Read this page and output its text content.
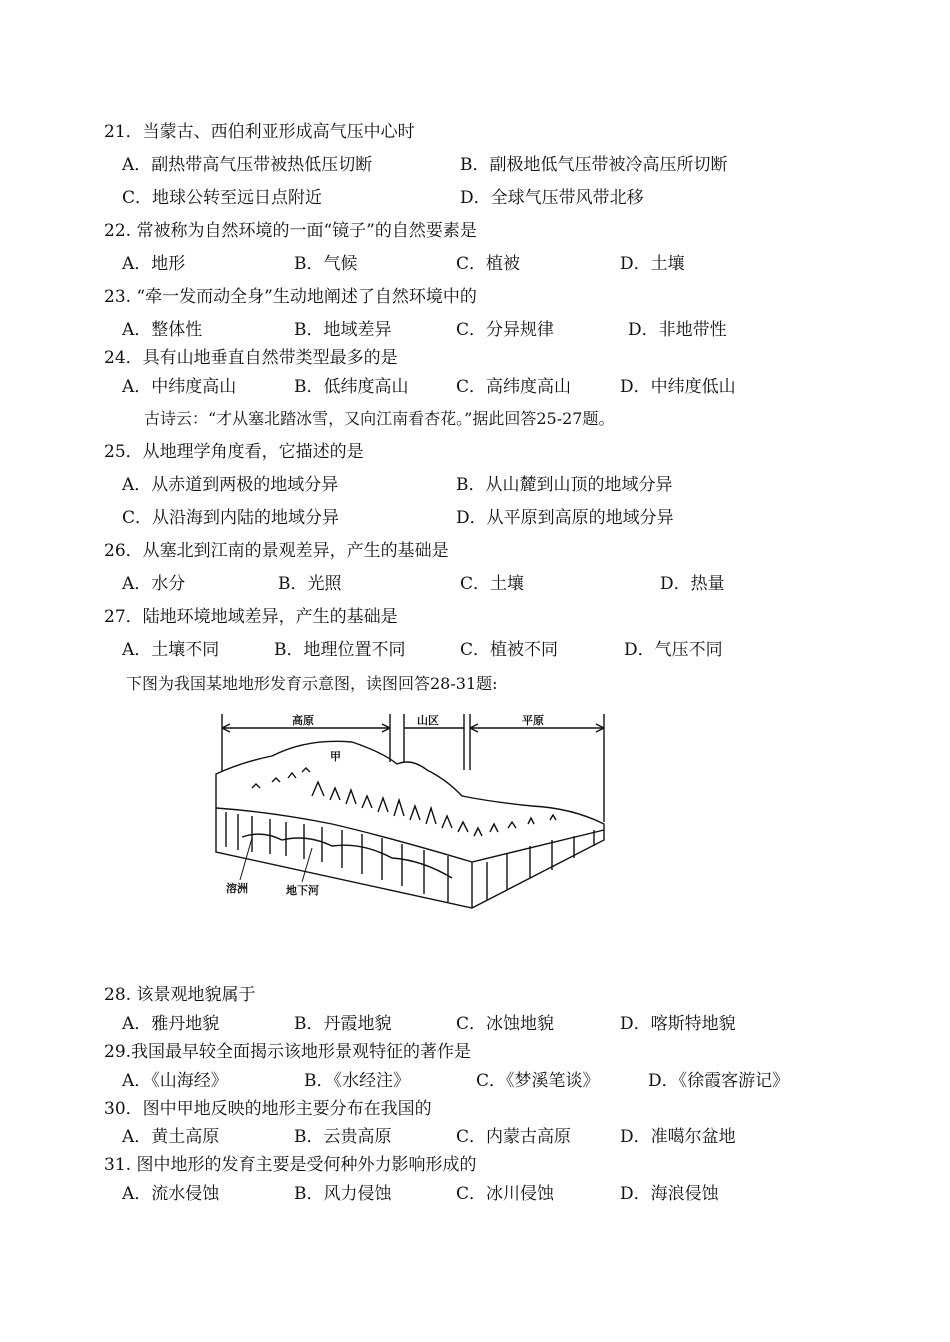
21．当蒙古、西伯利亚形成高气压中心时
A．副热带高气压带被热低压切断	B．副极地低气压带被冷高压所切断
C．地球公转至远日点附近	D．全球气压带风带北移
22. 常被称为自然环境的一面“镜子”的自然要素是
A．地形	B．气候	C．植被	D．土壤
23. “牵一发而动全身”生动地阐述了自然环境中的
A．整体性	B．地域差异	C．分异规律	D．非地带性
24．具有山地垂直自然带类型最多的是
A．中纬度高山	B．低纬度高山	C．高纬度高山	D．中纬度低山
古诗云：“才从塞北踏冰雪，又向江南看杏花。”据此回答25-27题。
25．从地理学角度看，它描述的是
A．从赤道到两极的地域分异	B．从山麓到山顶的地域分异
C．从沿海到内陆的地域分异	D．从平原到高原的地域分异
26．从塞北到江南的景观差异，产生的基础是
A．水分	B．光照	C．土壤	D．热量
27．陆地环境地域差异，产生的基础是
A．土壤不同	B．地理位置不同	C．植被不同	D．气压不同
下图为我国某地地形发育示意图，读图回答28-31题:
高原	山区	平原
甲
溶洲	地下河
28. 该景观地貌属于
A．雅丹地貌	B．丹霞地貌	C．冰蚀地貌	D．喀斯特地貌
29.我国最早较全面揭示该地形景观特征的著作是
A．《山海经》	B．《水经注》	C．《梦溪笔谈》	D．《徐霞客游记》
30．图中甲地反映的地形主要分布在我国的
A．黄土高原	B．云贵高原	C．内蒙古高原	D．准噶尔盆地
31. 图中地形的发育主要是受何种外力影响形成的
A．流水侵蚀	B．风力侵蚀	C．冰川侵蚀	D．海浪侵蚀
